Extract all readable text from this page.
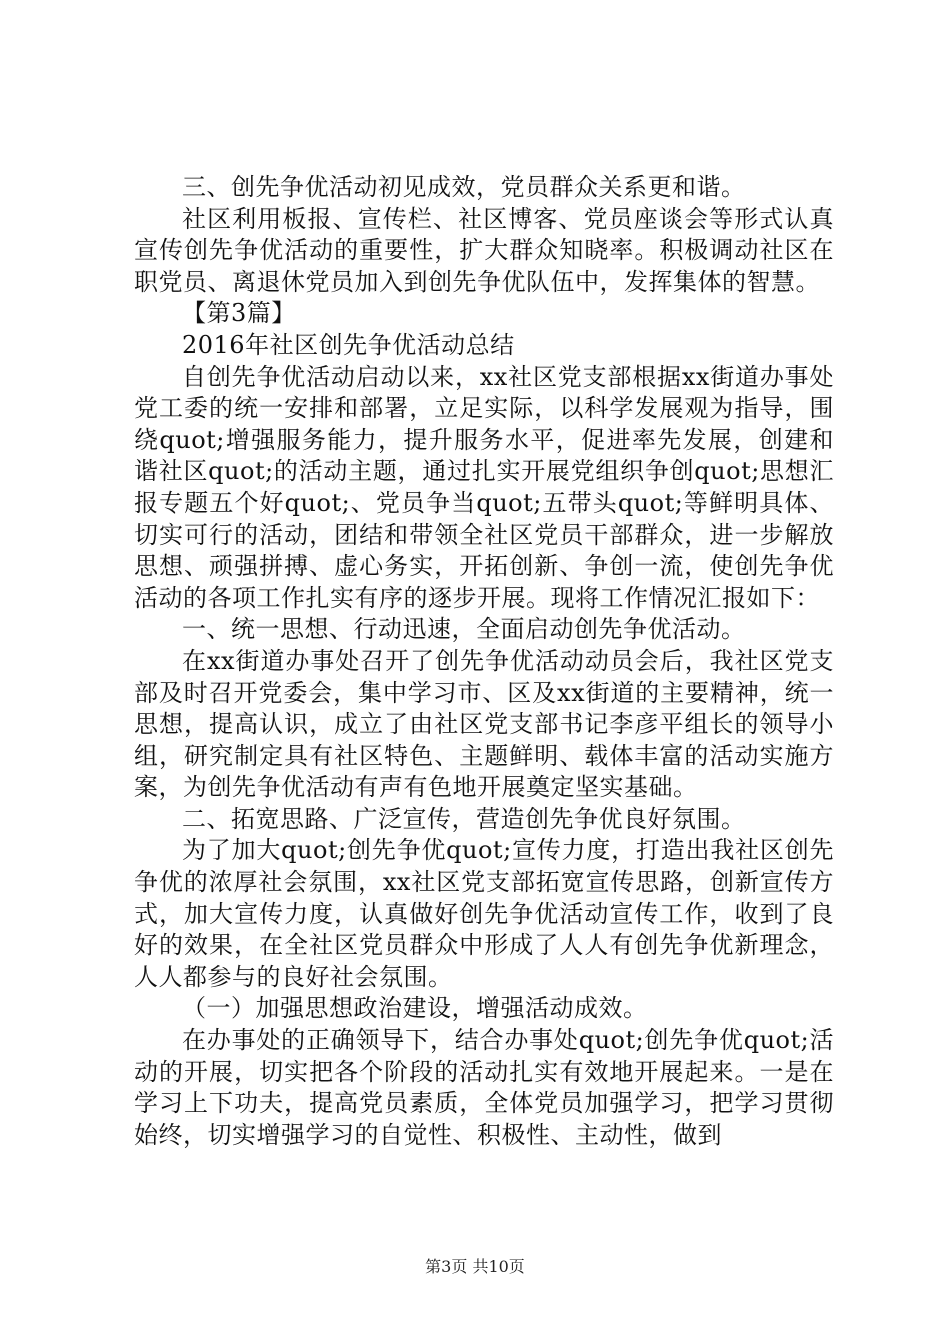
三、创先争优活动初见成效，党员群众关系更和谐。

社区利用板报、宣传栏、社区博客、党员座谈会等形式认真宣传创先争优活动的重要性，扩大群众知晓率。积极调动社区在职党员、离退休党员加入到创先争优队伍中，发挥集体的智慧。

【第3篇】

2016年社区创先争优活动总结

自创先争优活动启动以来，xx社区党支部根据xx街道办事处党工委的统一安排和部署，立足实际，以科学发展观为指导，围绕quot;增强服务能力，提升服务水平，促进率先发展，创建和谐社区quot;的活动主题，通过扎实开展党组织争创quot;思想汇报专题五个好quot;、党员争当quot;五带头quot;等鲜明具体、切实可行的活动，团结和带领全社区党员干部群众，进一步解放思想、顽强拼搏、虚心务实，开拓创新、争创一流，使创先争优活动的各项工作扎实有序的逐步开展。现将工作情况汇报如下：

一、统一思想、行动迅速，全面启动创先争优活动。

在xx街道办事处召开了创先争优活动动员会后，我社区党支部及时召开党委会，集中学习市、区及xx街道的主要精神，统一思想，提高认识，成立了由社区党支部书记李彦平组长的领导小组，研究制定具有社区特色、主题鲜明、载体丰富的活动实施方案，为创先争优活动有声有色地开展奠定坚实基础。

二、拓宽思路、广泛宣传，营造创先争优良好氛围。

为了加大quot;创先争优quot;宣传力度，打造出我社区创先争优的浓厚社会氛围，xx社区党支部拓宽宣传思路，创新宣传方式，加大宣传力度，认真做好创先争优活动宣传工作，收到了良好的效果，在全社区党员群众中形成了人人有创先争优新理念，人人都参与的良好社会氛围。

（一）加强思想政治建设，增强活动成效。

在办事处的正确领导下，结合办事处quot;创先争优quot;活动的开展，切实把各个阶段的活动扎实有效地开展起来。一是在学习上下功夫，提高党员素质，全体党员加强学习，把学习贯彻始终，切实增强学习的自觉性、积极性、主动性，做到

第3页 共10页
